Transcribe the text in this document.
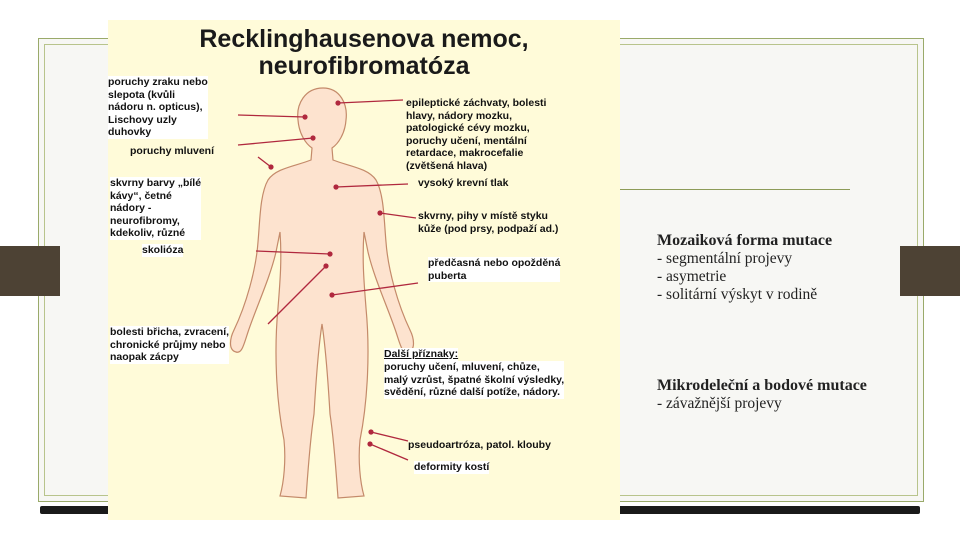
Recklinghausenova nemoc,
neurofibromatóza
poruchy zraku nebo
slepota (kvůli
nádoru n. opticus),
Lischovy uzly
duhovky
poruchy mluvení
skvrny barvy „bílé
kávy“, četné
nádory -
neurofibromy,
kdekoliv, různé
skolióza
bolesti břicha, zvracení,
chronické průjmy nebo
naopak zácpy
epileptické záchvaty, bolesti
hlavy, nádory mozku,
patologické cévy mozku,
poruchy učení, mentální
retardace, makrocefalie
(zvětšená hlava)
vysoký krevní tlak
skvrny, pihy v místě styku
kůže (pod prsy, podpaží ad.)
předčasná nebo opožděná
puberta
Další příznaky:
poruchy učení, mluvení, chůze,
malý vzrůst, špatné školní výsledky,
svědění, různé další potíže, nádory.
pseudoartróza, patol. klouby
deformity kostí
Mozaiková forma mutace
- segmentální projevy
- asymetrie
- solitární výskyt v rodině
Mikrodeleční a bodové mutace
- závažnější projevy
